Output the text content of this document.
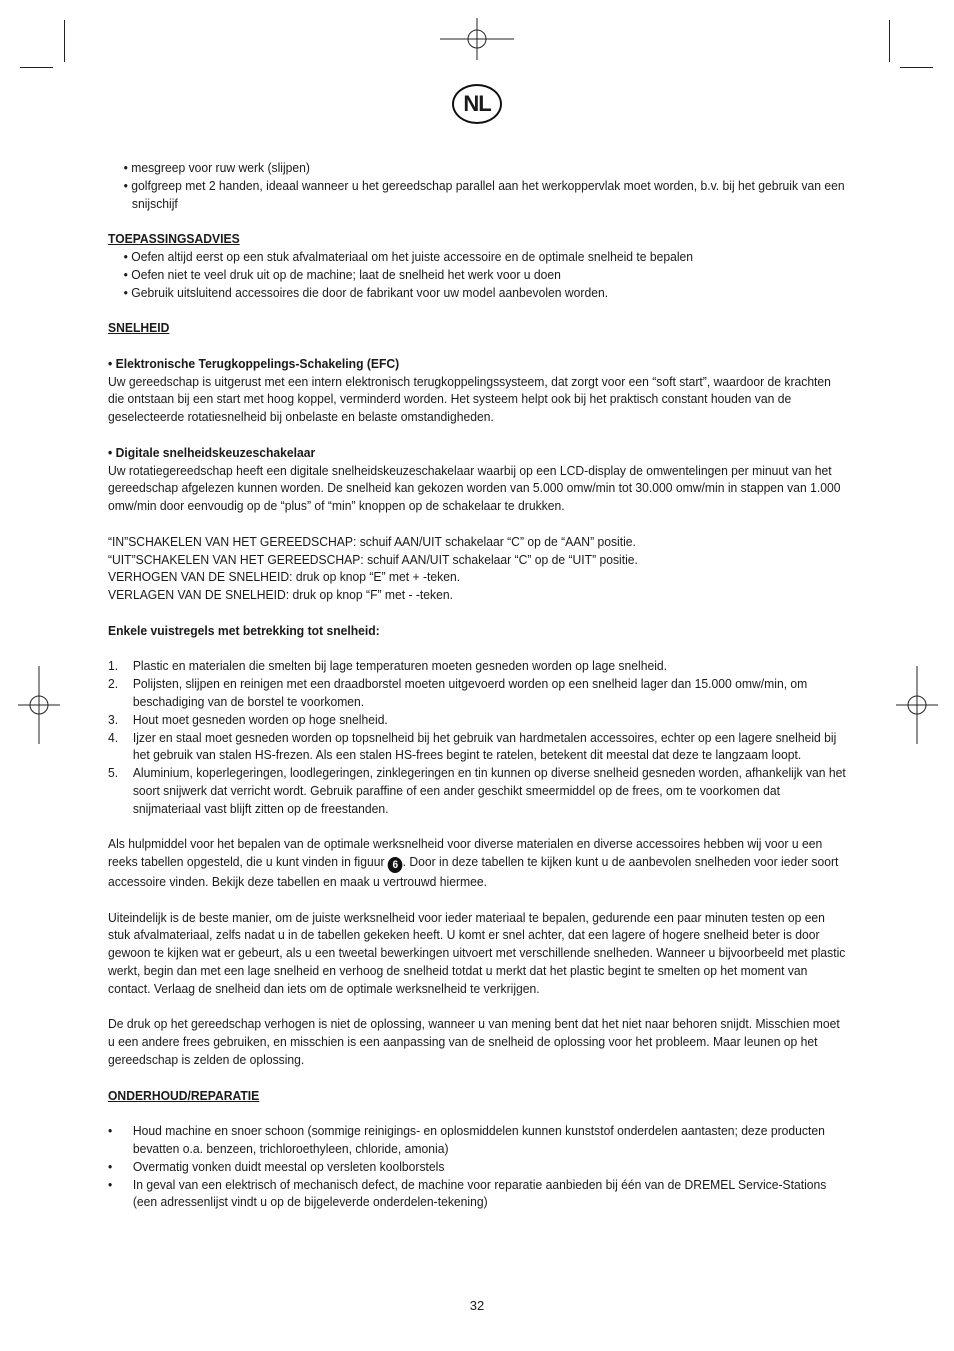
NL

• mesgreep voor ruw werk (slijpen)

• golfgreep met 2 handen, ideaal wanneer u het gereedschap parallel aan het werkoppervlak moet worden, b.v. bij het gebruik van een snijschijf

TOEPASSINGSADVIES

• Oefen altijd eerst op een stuk afvalmateriaal om het juiste accessoire en de optimale snelheid te bepalen

• Oefen niet te veel druk uit op de machine; laat de snelheid het werk voor u doen

• Gebruik uitsluitend accessoires die door de fabrikant voor uw model aanbevolen worden.

SNELHEID

• Elektronische Terugkoppelings-Schakeling (EFC)

Uw gereedschap is uitgerust met een intern elektronisch terugkoppelingssysteem, dat zorgt voor een “soft start”, waardoor de krachten die ontstaan bij een start met hoog koppel, verminderd worden. Het systeem helpt ook bij het praktisch constant houden van de geselecteerde rotatiesnelheid bij onbelaste en belaste omstandigheden.

• Digitale snelheidskeuzeschakelaar

Uw rotatiegereedschap heeft een digitale snelheidskeuzeschakelaar waarbij op een LCD-display de omwentelingen per minuut van het gereedschap afgelezen kunnen worden. De snelheid kan gekozen worden van 5.000 omw/min tot 30.000 omw/min in stappen van 1.000 omw/min door eenvoudig op de “plus” of “min” knoppen op de schakelaar te drukken.

“IN”SCHAKELEN VAN HET GEREEDSCHAP: schuif AAN/UIT schakelaar “C” op de “AAN” positie.

“UIT”SCHAKELEN VAN HET GEREEDSCHAP: schuif AAN/UIT schakelaar “C” op de “UIT” positie.

VERHOGEN VAN DE SNELHEID: druk op knop “E” met + -teken.

VERLAGEN VAN DE SNELHEID: druk op knop “F” met - -teken.

Enkele vuistregels met betrekking tot snelheid:

1.	Plastic en materialen die smelten bij lage temperaturen moeten gesneden worden op lage snelheid.
2.	Polijsten, slijpen en reinigen met een draadborstel moeten uitgevoerd worden op een snelheid lager dan 15.000 omw/min, om beschadiging van de borstel te voorkomen.
3.	Hout moet gesneden worden op hoge snelheid.
4.	Ijzer en staal moet gesneden worden op topsnelheid bij het gebruik van hardmetalen accessoires, echter op een lagere snelheid bij het gebruik van stalen HS-frezen. Als een stalen HS-frees begint te ratelen, betekent dit meestal dat deze te langzaam loopt.
5.	Aluminium, koperlegeringen, loodlegeringen, zinklegeringen en tin kunnen op diverse snelheid gesneden worden, afhankelijk van het soort snijwerk dat verricht wordt. Gebruik paraffine of een ander geschikt smeermiddel op de frees, om te voorkomen dat snijmateriaal vast blijft zitten op de freestanden.

Als hulpmiddel voor het bepalen van de optimale werksnelheid voor diverse materialen en diverse accessoires hebben wij voor u een reeks tabellen opgesteld, die u kunt vinden in figuur 6 . Door in deze tabellen te kijken kunt u de aanbevolen snelheden voor ieder soort accessoire vinden. Bekijk deze tabellen en maak u vertrouwd hiermee.

Uiteindelijk is de beste manier, om de juiste werksnelheid voor ieder materiaal te bepalen, gedurende een paar minuten testen op een stuk afvalmateriaal, zelfs nadat u in de tabellen gekeken heeft. U komt er snel achter, dat een lagere of hogere snelheid beter is door gewoon te kijken wat er gebeurt, als u een tweetal bewerkingen uitvoert met verschillende snelheden. Wanneer u bijvoorbeeld met plastic werkt, begin dan met een lage snelheid en verhoog de snelheid totdat u merkt dat het plastic begint te smelten op het moment van contact. Verlaag de snelheid dan iets om de optimale werksnelheid te verkrijgen.

De druk op het gereedschap verhogen is niet de oplossing, wanneer u van mening bent dat het niet naar behoren snijdt. Misschien moet u een andere frees gebruiken, en misschien is een aanpassing van de snelheid de oplossing voor het probleem. Maar leunen op het gereedschap is zelden de oplossing.

ONDERHOUD/REPARATIE

•	Houd machine en snoer schoon (sommige reinigings- en oplosmiddelen kunnen kunststof onderdelen aantasten; deze producten bevatten o.a. benzeen, trichloroethyleen, chloride, amonia)
•	Overmatig vonken duidt meestal op versleten koolborstels
•	In geval van een elektrisch of mechanisch defect, de machine voor reparatie aanbieden bij één van de DREMEL Service-Stations (een adressenlijst vindt u op de bijgeleverde onderdelen-tekening)
32
